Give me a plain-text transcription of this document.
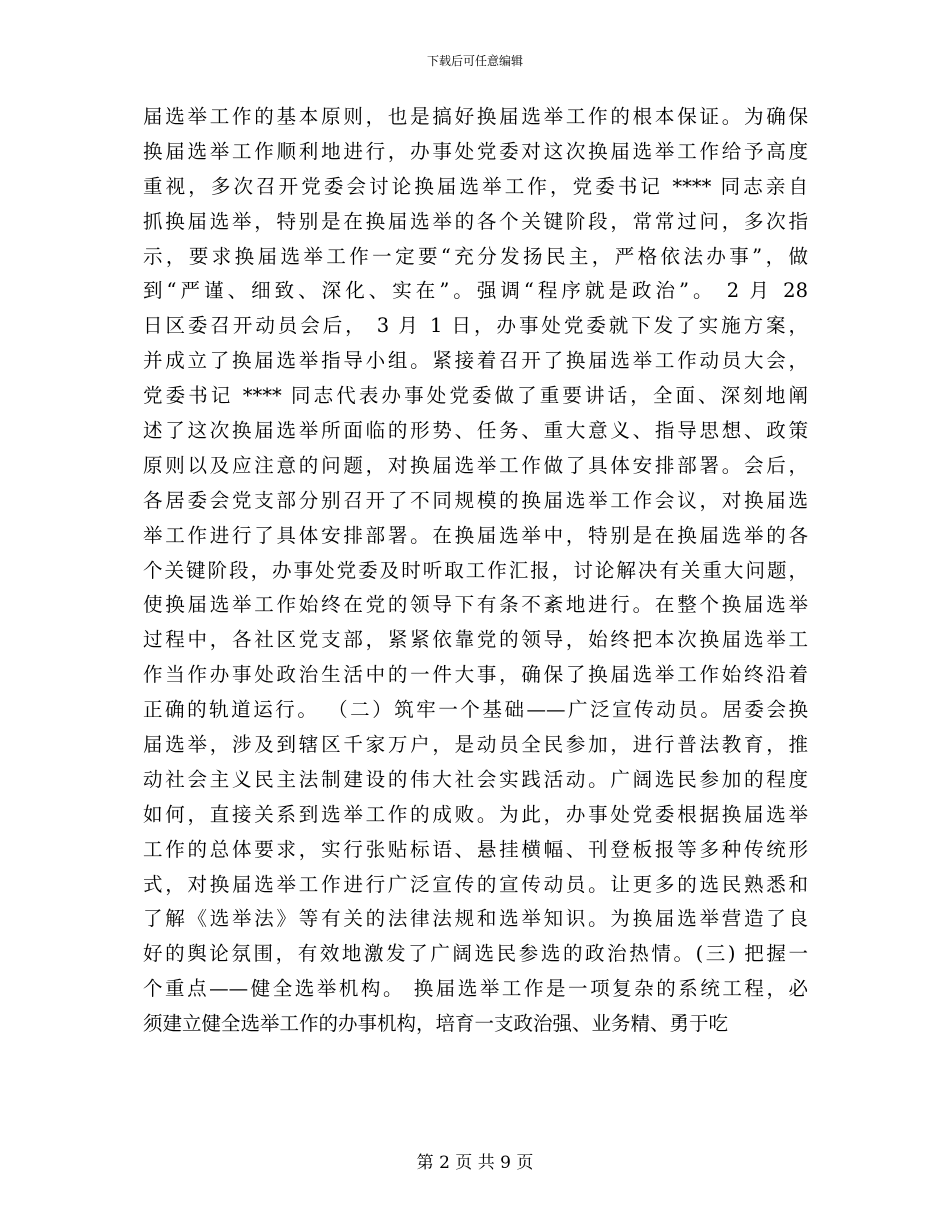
下载后可任意编辑
届选举工作的基本原则，也是搞好换届选举工作的根本保证。为确保
换届选举工作顺利地进行，办事处党委对这次换届选举工作给予高度
重视，多次召开党委会讨论换届选举工作，党委书记 **** 同志亲自
抓换届选举，特别是在换届选举的各个关键阶段，常常过问，多次指
示，要求换届选举工作一定要“充分发扬民主，严格依法办事”，做
到“严谨、细致、深化、实在”。强调“程序就是政治”。 2 月 28
日区委召开动员会后， 3 月 1 日，办事处党委就下发了实施方案，
并成立了换届选举指导小组。紧接着召开了换届选举工作动员大会，
党委书记 **** 同志代表办事处党委做了重要讲话，全面、深刻地阐
述了这次换届选举所面临的形势、任务、重大意义、指导思想、政策
原则以及应注意的问题，对换届选举工作做了具体安排部署。会后，
各居委会党支部分别召开了不同规模的换届选举工作会议，对换届选
举工作进行了具体安排部署。在换届选举中，特别是在换届选举的各
个关键阶段，办事处党委及时听取工作汇报，讨论解决有关重大问题，
使换届选举工作始终在党的领导下有条不紊地进行。在整个换届选举
过程中，各社区党支部，紧紧依靠党的领导，始终把本次换届选举工
作当作办事处政治生活中的一件大事，确保了换届选举工作始终沿着
正确的轨道运行。 （二）筑牢一个基础——广泛宣传动员。居委会换
届选举，涉及到辖区千家万户，是动员全民参加，进行普法教育，推
动社会主义民主法制建设的伟大社会实践活动。广阔选民参加的程度
如何，直接关系到选举工作的成败。为此，办事处党委根据换届选举
工作的总体要求，实行张贴标语、悬挂横幅、刊登板报等多种传统形
式，对换届选举工作进行广泛宣传的宣传动员。让更多的选民熟悉和
了解《选举法》等有关的法律法规和选举知识。为换届选举营造了良
好的舆论氛围，有效地激发了广阔选民参选的政治热情。(三) 把握一
个重点——健全选举机构。 换届选举工作是一项复杂的系统工程，必
须建立健全选举工作的办事机构，培育一支政治强、业务精、勇于吃
第 2 页 共 9 页
